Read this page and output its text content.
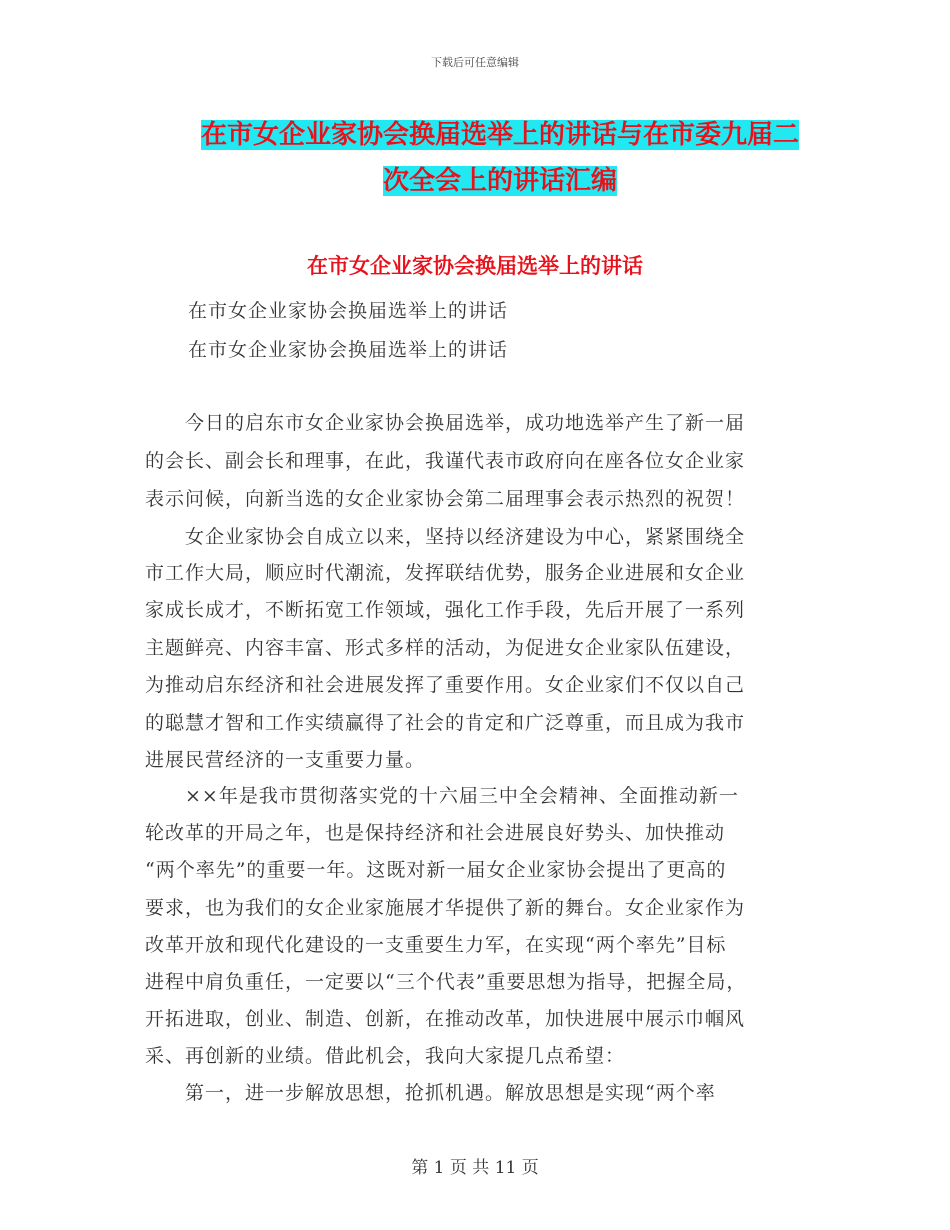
下载后可任意编辑
在市女企业家协会换届选举上的讲话与在市委九届二
次全会上的讲话汇编
在市女企业家协会换届选举上的讲话
在市女企业家协会换届选举上的讲话
在市女企业家协会换届选举上的讲话
　　今日的启东市女企业家协会换届选举，成功地选举产生了新一届
的会长、副会长和理事，在此，我谨代表市政府向在座各位女企业家
表示问候，向新当选的女企业家协会第二届理事会表示热烈的祝贺！
　　女企业家协会自成立以来，坚持以经济建设为中心，紧紧围绕全
市工作大局，顺应时代潮流，发挥联结优势，服务企业进展和女企业
家成长成才，不断拓宽工作领域，强化工作手段，先后开展了一系列
主题鲜亮、内容丰富、形式多样的活动，为促进女企业家队伍建设，
为推动启东经济和社会进展发挥了重要作用。女企业家们不仅以自己
的聪慧才智和工作实绩赢得了社会的肯定和广泛尊重，而且成为我市
进展民营经济的一支重要力量。
　　××年是我市贯彻落实党的十六届三中全会精神、全面推动新一
轮改革的开局之年，也是保持经济和社会进展良好势头、加快推动
“两个率先”的重要一年。这既对新一届女企业家协会提出了更高的
要求，也为我们的女企业家施展才华提供了新的舞台。女企业家作为
改革开放和现代化建设的一支重要生力军，在实现“两个率先”目标
进程中肩负重任，一定要以“三个代表”重要思想为指导，把握全局，
开拓进取，创业、制造、创新，在推动改革，加快进展中展示巾帼风
采、再创新的业绩。借此机会，我向大家提几点希望：
　　第一，进一步解放思想，抢抓机遇。解放思想是实现“两个率
第 1 页 共 11 页
